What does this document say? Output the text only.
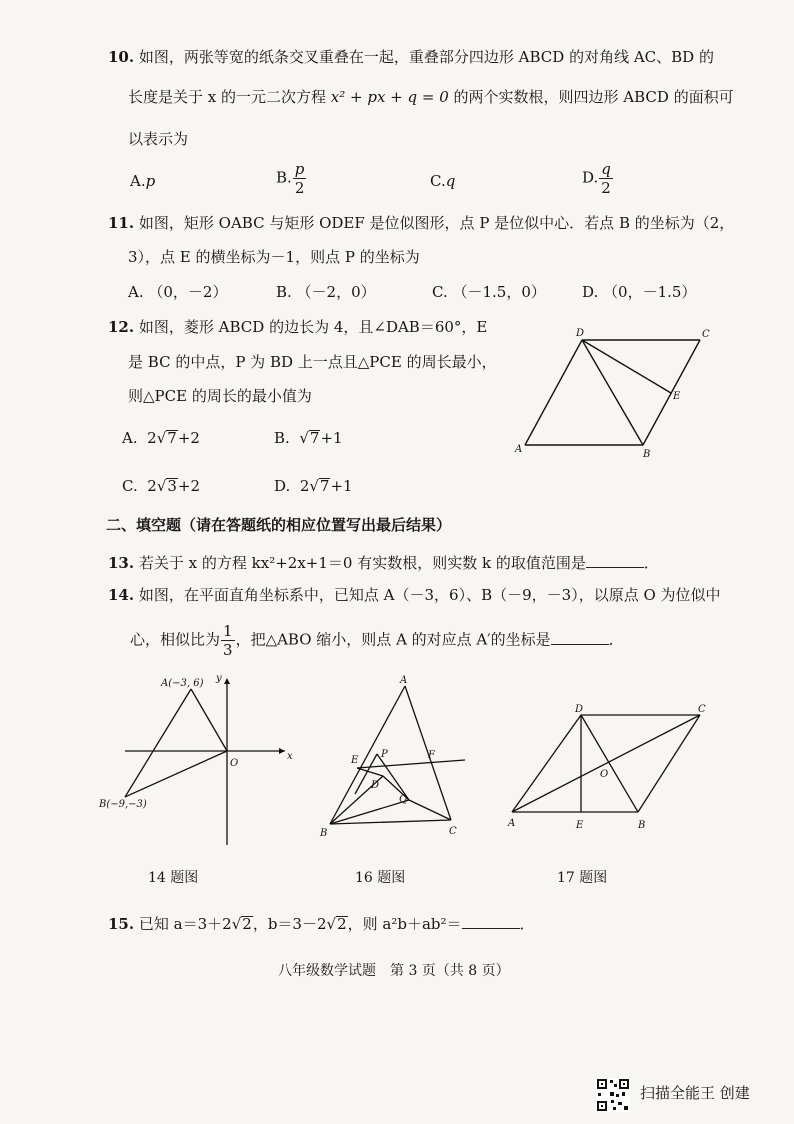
10. 如图，两张等宽的纸条交叉重叠在一起，重叠部分四边形 ABCD 的对角线 AC、BD 的
长度是关于 x 的一元二次方程 x² + px + q = 0 的两个实数根，则四边形 ABCD 的面积可
以表示为
A.p	B. $\frac{p}{2}$	C.q	D. $\frac{q}{2}$
11. 如图，矩形 OABC 与矩形 ODEF 是位似图形，点 P 是位似中心．若点 B 的坐标为（2，
3），点 E 的横坐标为－1，则点 P 的坐标为
A. （0，－2）	B. （－2，0）	C. （－1.5，0） D. （0，－1.5）
12. 如图，菱形 ABCD 的边长为 4，且∠DAB＝60°，E
是 BC 的中点，P 为 BD 上一点且△PCE 的周长最小，
则△PCE 的周长的最小值为
A. 2√7+2	B. √7+1
C. 2√3+2	D. 2√7+1
D	C
E
A	B
二、填空题（请在答题纸的相应位置写出最后结果）
13. 若关于 x 的方程 kx²+2x+1＝0 有实数根，则实数 k 的取值范围是	．
14. 如图，在平面直角坐标系中，已知点 A（－3，6）、B（－9，－3），以原点 O 为位似中
心，相似比为 $\frac{1}{3}$ ，把△ABO 缩小，则点 A 的对应点 A′的坐标是	．
A(−3, 6)
B(−9,−3)
O
x
y
14 题图
A
E
P	F
D
Q
B	C
16 题图
D	C
O
A	E	B
17 题图
15. 已知 a＝3＋2√2，b＝3－2√2，则 a²b＋ab²＝	．
八年级数学试题　第 3 页（共 8 页）
扫描全能王 创建
